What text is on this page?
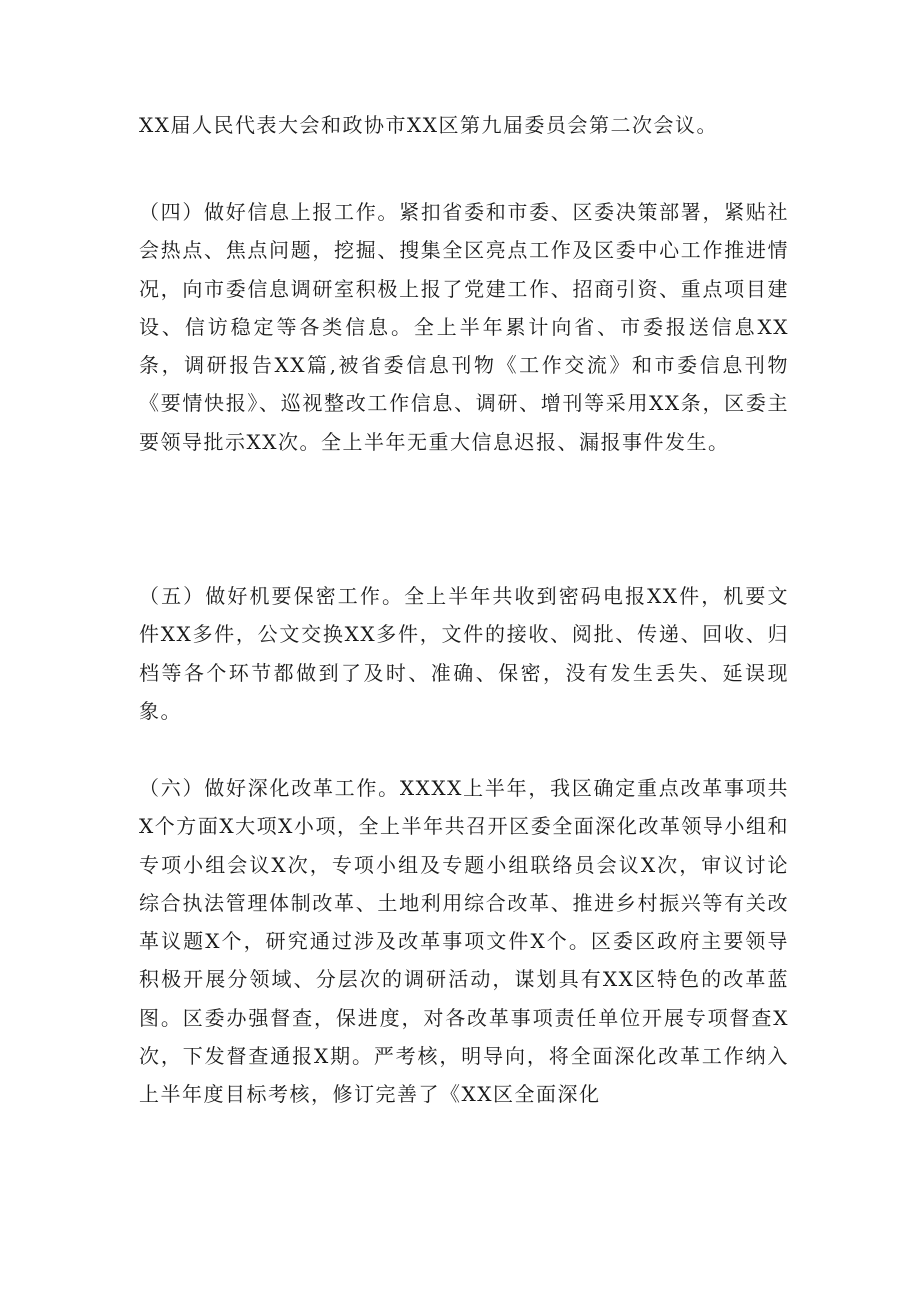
XX届人民代表大会和政协市XX区第九届委员会第二次会议。

（四）做好信息上报工作。紧扣省委和市委、区委决策部署，紧贴社会热点、焦点问题，挖掘、搜集全区亮点工作及区委中心工作推进情况，向市委信息调研室积极上报了党建工作、招商引资、重点项目建设、信访稳定等各类信息。全上半年累计向省、市委报送信息XX条，调研报告XX篇,被省委信息刊物《工作交流》和市委信息刊物《要情快报》、巡视整改工作信息、调研、增刊等采用XX条，区委主要领导批示XX次。全上半年无重大信息迟报、漏报事件发生。

（五）做好机要保密工作。全上半年共收到密码电报XX件，机要文件XX多件，公文交换XX多件，文件的接收、阅批、传递、回收、归档等各个环节都做到了及时、准确、保密，没有发生丢失、延误现象。

（六）做好深化改革工作。XXXX上半年，我区确定重点改革事项共X个方面X大项X小项，全上半年共召开区委全面深化改革领导小组和专项小组会议X次，专项小组及专题小组联络员会议X次，审议讨论综合执法管理体制改革、土地利用综合改革、推进乡村振兴等有关改革议题X个，研究通过涉及改革事项文件X个。区委区政府主要领导积极开展分领域、分层次的调研活动，谋划具有XX区特色的改革蓝图。区委办强督查，保进度，对各改革事项责任单位开展专项督查X次，下发督查通报X期。严考核，明导向，将全面深化改革工作纳入上半年度目标考核，修订完善了《XX区全面深化
